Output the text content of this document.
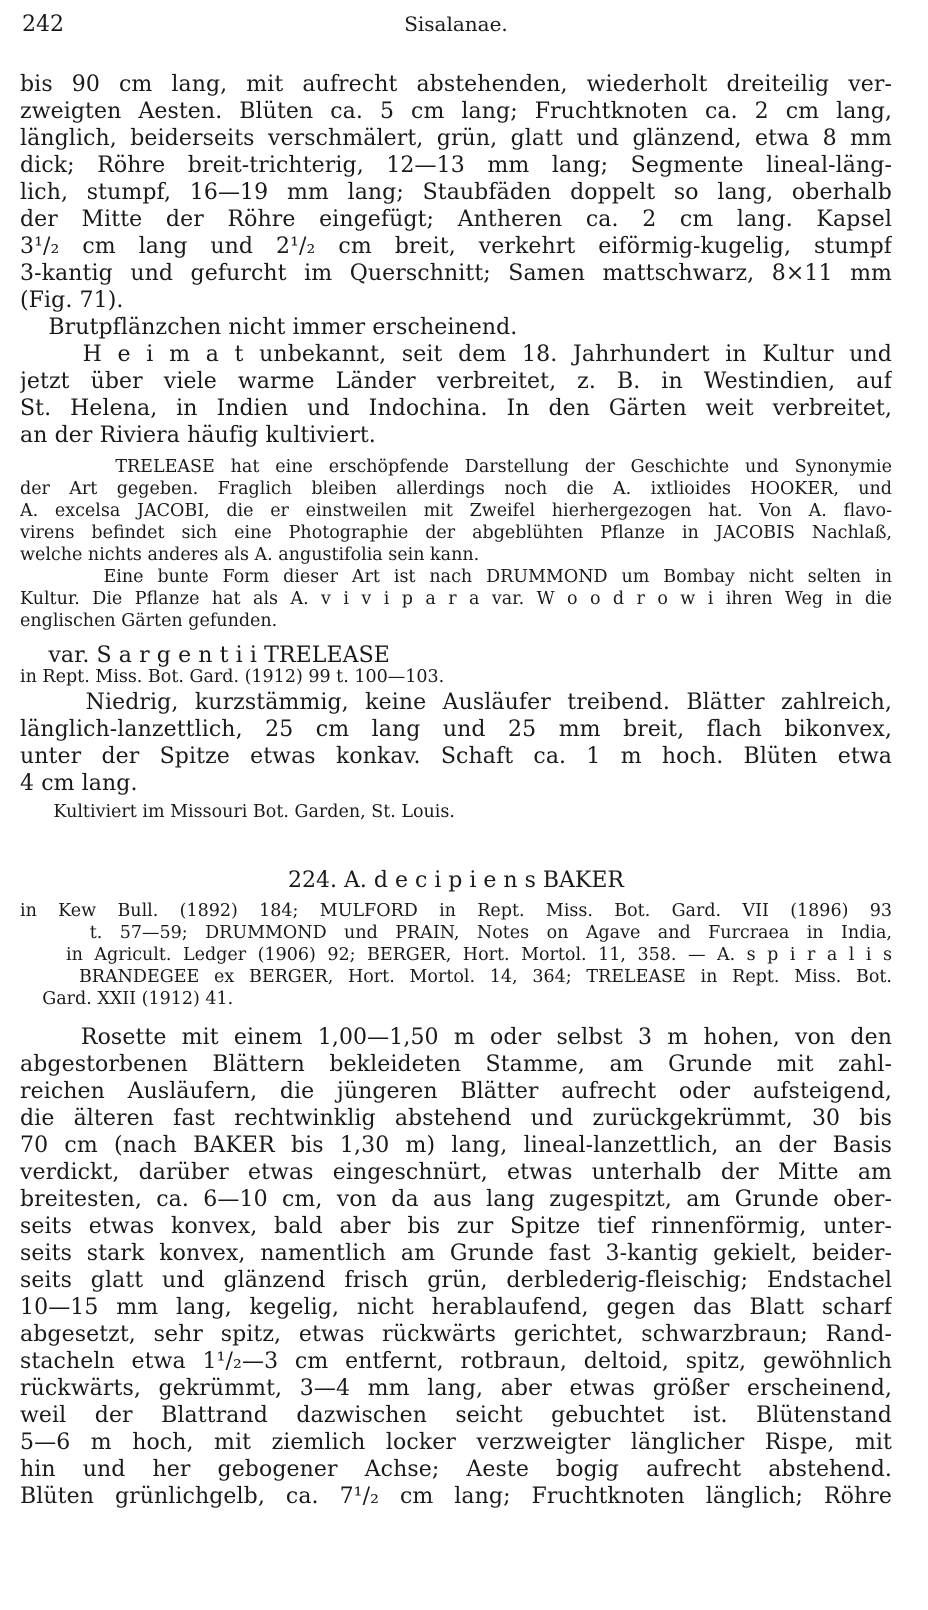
242	Sisalanae.
bis 90 cm lang, mit aufrecht abstehenden, wiederholt dreiteilig ver-
zweigten Aesten. Blüten ca. 5 cm lang; Fruchtknoten ca. 2 cm lang,
länglich, beiderseits verschmälert, grün, glatt und glänzend, etwa 8 mm
dick; Röhre breit-trichterig, 12—13 mm lang; Segmente lineal-läng-
lich, stumpf, 16—19 mm lang; Staubfäden doppelt so lang, oberhalb
der Mitte der Röhre eingefügt; Antheren ca. 2 cm lang. Kapsel
3¹/₂ cm lang und 2¹/₂ cm breit, verkehrt eiförmig-kugelig, stumpf
3-kantig und gefurcht im Querschnitt; Samen mattschwarz, 8×11 mm
(Fig. 71).
Brutpflänzchen nicht immer erscheinend.
H e i m a t unbekannt, seit dem 18. Jahrhundert in Kultur und
jetzt über viele warme Länder verbreitet, z. B. in Westindien, auf
St. Helena, in Indien und Indochina. In den Gärten weit verbreitet,
an der Riviera häufig kultiviert.
TRELEASE hat eine erschöpfende Darstellung der Geschichte und Synonymie
der Art gegeben. Fraglich bleiben allerdings noch die A. ixtlioides HOOKER, und
A. excelsa JACOBI, die er einstweilen mit Zweifel hierhergezogen hat. Von A. flavo-
virens befindet sich eine Photographie der abgeblühten Pflanze in JACOBIS Nachlaß,
welche nichts anderes als A. angustifolia sein kann.
Eine bunte Form dieser Art ist nach DRUMMOND um Bombay nicht selten in
Kultur. Die Pflanze hat als A. v i v i p a r a var. W o o d r o w i ihren Weg in die
englischen Gärten gefunden.
var. S a r g e n t i i TRELEASE
in Rept. Miss. Bot. Gard. (1912) 99 t. 100—103.
Niedrig, kurzstämmig, keine Ausläufer treibend. Blätter zahlreich,
länglich-lanzettlich, 25 cm lang und 25 mm breit, flach bikonvex,
unter der Spitze etwas konkav. Schaft ca. 1 m hoch. Blüten etwa
4 cm lang.
Kultiviert im Missouri Bot. Garden, St. Louis.
224. A. d e c i p i e n s BAKER
in Kew Bull. (1892) 184; MULFORD in Rept. Miss. Bot. Gard. VII (1896) 93
t. 57—59; DRUMMOND und PRAIN, Notes on Agave and Furcraea in India,
in Agricult. Ledger (1906) 92; BERGER, Hort. Mortol. 11, 358. — A. s p i r a l i s
BRANDEGEE ex BERGER, Hort. Mortol. 14, 364; TRELEASE in Rept. Miss. Bot.
Gard. XXII (1912) 41.
Rosette mit einem 1,00—1,50 m oder selbst 3 m hohen, von den
abgestorbenen Blättern bekleideten Stamme, am Grunde mit zahl-
reichen Ausläufern, die jüngeren Blätter aufrecht oder aufsteigend,
die älteren fast rechtwinklig abstehend und zurückgekrümmt, 30 bis
70 cm (nach BAKER bis 1,30 m) lang, lineal-lanzettlich, an der Basis
verdickt, darüber etwas eingeschnürt, etwas unterhalb der Mitte am
breitesten, ca. 6—10 cm, von da aus lang zugespitzt, am Grunde ober-
seits etwas konvex, bald aber bis zur Spitze tief rinnenförmig, unter-
seits stark konvex, namentlich am Grunde fast 3-kantig gekielt, beider-
seits glatt und glänzend frisch grün, derblederig-fleischig; Endstachel
10—15 mm lang, kegelig, nicht herablaufend, gegen das Blatt scharf
abgesetzt, sehr spitz, etwas rückwärts gerichtet, schwarzbraun; Rand-
stacheln etwa 1¹/₂—3 cm entfernt, rotbraun, deltoid, spitz, gewöhnlich
rückwärts, gekrümmt, 3—4 mm lang, aber etwas größer erscheinend,
weil der Blattrand dazwischen seicht gebuchtet ist. Blütenstand
5—6 m hoch, mit ziemlich locker verzweigter länglicher Rispe, mit
hin und her gebogener Achse; Aeste bogig aufrecht abstehend.
Blüten grünlichgelb, ca. 7¹/₂ cm lang; Fruchtknoten länglich; Röhre
